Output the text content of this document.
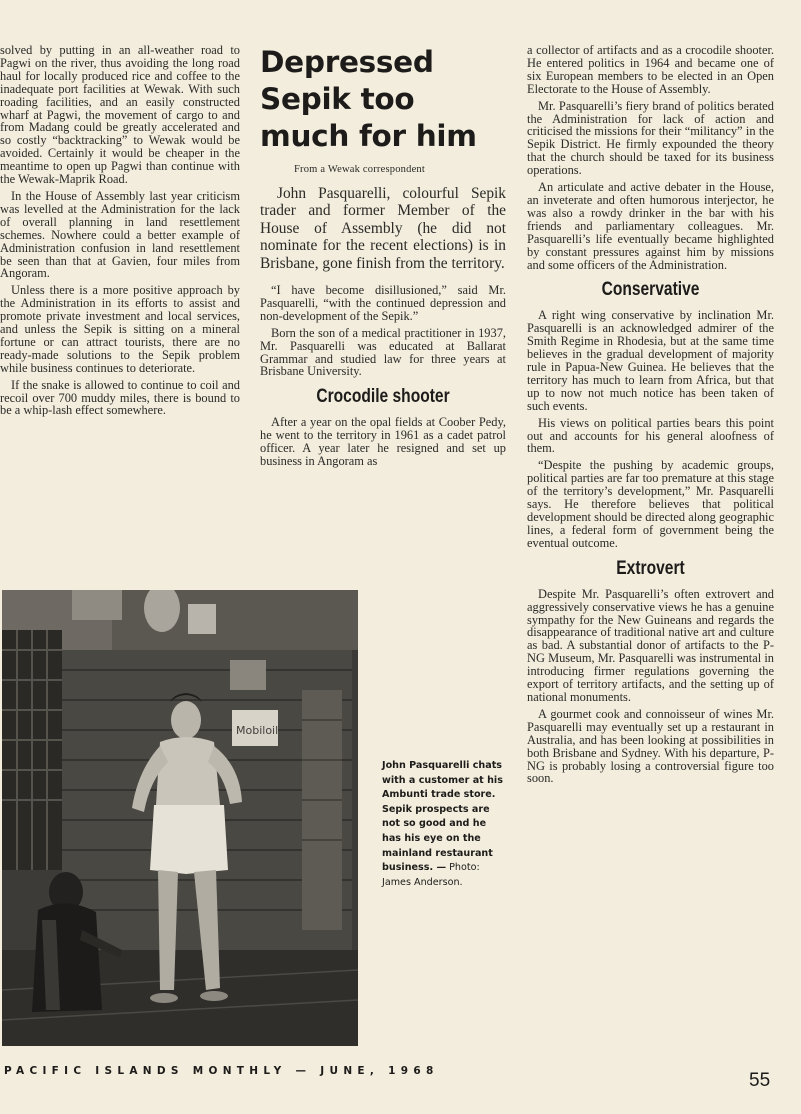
solved by putting in an all-weather road to Pagwi on the river, thus avoiding the long road haul for locally produced rice and coffee to the inadequate port facilities at Wewak. With such roading facilities, and an easily constructed wharf at Pagwi, the movement of cargo to and from Madang could be greatly accelerated and so costly “backtracking” to Wewak would be avoided. Certainly it would be cheaper in the meantime to open up Pagwi than continue with the Wewak-Maprik Road.

In the House of Assembly last year criticism was levelled at the Administration for the lack of overall planning in land resettlement schemes. Nowhere could a better example of Administration confusion in land resettlement be seen than that at Gavien, four miles from Angoram.

Unless there is a more positive approach by the Administration in its efforts to assist and promote private investment and local services, and unless the Sepik is sitting on a mineral fortune or can attract tourists, there are no ready-made solutions to the Sepik problem while business continues to deteriorate.

If the snake is allowed to continue to coil and recoil over 700 muddy miles, there is bound to be a whip-lash effect somewhere.

Depressed
Sepik too
much for him
From a Wewak correspondent

John Pasquarelli, colourful Sepik trader and former Member of the House of Assembly (he did not nominate for the recent elections) is in Brisbane, gone finish from the territory.

“I have become disillusioned,” said Mr. Pasquarelli, “with the continued depression and non-development of the Sepik.”

Born the son of a medical practitioner in 1937, Mr. Pasquarelli was educated at Ballarat Grammar and studied law for three years at Brisbane University.

Crocodile shooter

After a year on the opal fields at Coober Pedy, he went to the territory in 1961 as a cadet patrol officer. A year later he resigned and set up business in Angoram as

Mobiloil
John Pasquarelli chats with a customer at his Ambunti trade store. Sepik prospects are not so good and he has his eye on the mainland restaurant business. — Photo: James Anderson.

a collector of artifacts and as a crocodile shooter. He entered politics in 1964 and became one of six European members to be elected in an Open Electorate to the House of Assembly.

Mr. Pasquarelli’s fiery brand of politics berated the Administration for lack of action and criticised the missions for their “militancy” in the Sepik District. He firmly expounded the theory that the church should be taxed for its business operations.

An articulate and active debater in the House, an inveterate and often humorous interjector, he was also a rowdy drinker in the bar with his friends and parliamentary colleagues. Mr. Pasquarelli’s life eventually became highlighted by constant pressures against him by missions and some officers of the Administration.

Conservative

A right wing conservative by inclination Mr. Pasquarelli is an acknowledged admirer of the Smith Regime in Rhodesia, but at the same time believes in the gradual development of majority rule in Papua-New Guinea. He believes that the territory has much to learn from Africa, but that up to now not much notice has been taken of such events.

His views on political parties bears this point out and accounts for his general aloofness of them.

“Despite the pushing by academic groups, political parties are far too premature at this stage of the territory’s development,” Mr. Pasquarelli says. He therefore believes that political development should be directed along geographic lines, a federal form of government being the eventual outcome.

Extrovert

Despite Mr. Pasquarelli’s often extrovert and aggressively conservative views he has a genuine sympathy for the New Guineans and regards the disappearance of traditional native art and culture as bad. A substantial donor of artifacts to the P-NG Museum, Mr. Pasquarelli was instrumental in introducing firmer regulations governing the export of territory artifacts, and the setting up of national monuments.

A gourmet cook and connoisseur of wines Mr. Pasquarelli may eventually set up a restaurant in Australia, and has been looking at possibilities in both Brisbane and Sydney. With his departure, P-NG is probably losing a controversial figure too soon.

PACIFIC ISLANDS MONTHLY — JUNE, 1968	55
